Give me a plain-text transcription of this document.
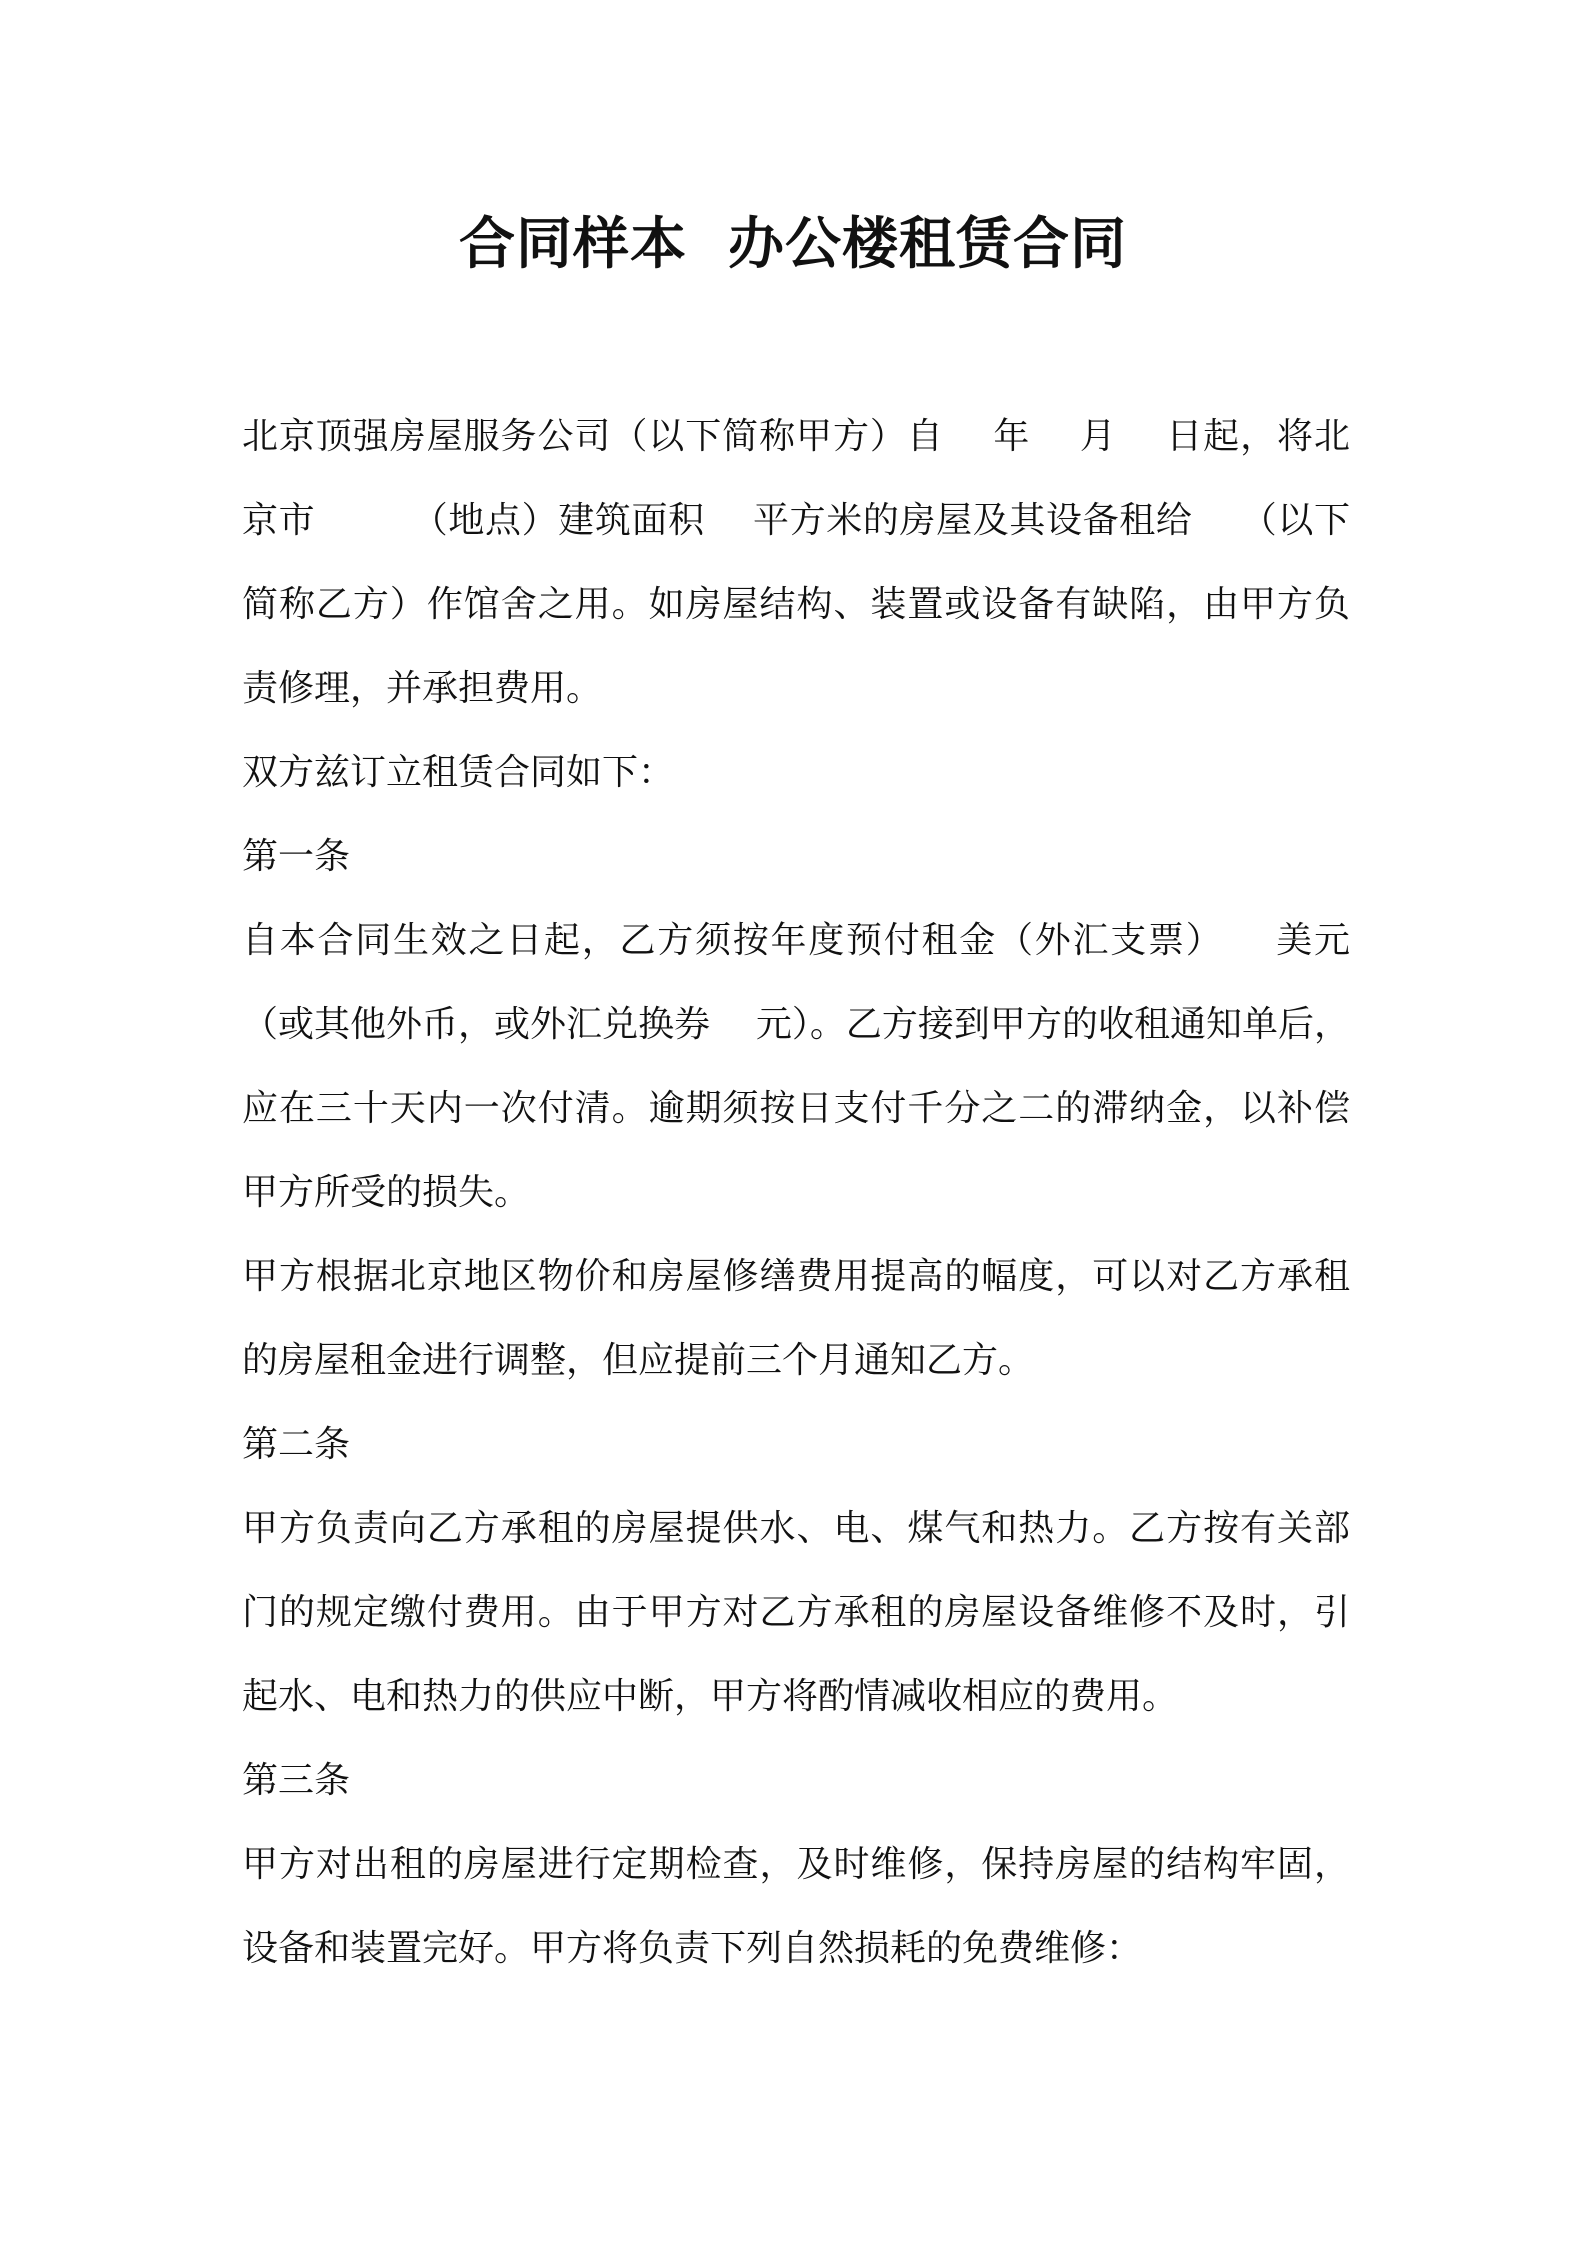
合同样本  办公楼租赁合同

北京顶强房屋服务公司（以下简称甲方）自    年    月    日起，将北京市        （地点）建筑面积    平方米的房屋及其设备租给    （以下简称乙方）作馆舍之用。如房屋结构、装置或设备有缺陷，由甲方负责修理，并承担费用。

双方兹订立租赁合同如下：

第一条

自本合同生效之日起，乙方须按年度预付租金（外汇支票）    美元（或其他外币，或外汇兑换券    元）。乙方接到甲方的收租通知单后，应在三十天内一次付清。逾期须按日支付千分之二的滞纳金，以补偿甲方所受的损失。

甲方根据北京地区物价和房屋修缮费用提高的幅度，可以对乙方承租的房屋租金进行调整，但应提前三个月通知乙方。

第二条

甲方负责向乙方承租的房屋提供水、电、煤气和热力。乙方按有关部门的规定缴付费用。由于甲方对乙方承租的房屋设备维修不及时，引起水、电和热力的供应中断，甲方将酌情减收相应的费用。

第三条

甲方对出租的房屋进行定期检查，及时维修，保持房屋的结构牢固，设备和装置完好。甲方将负责下列自然损耗的免费维修：
